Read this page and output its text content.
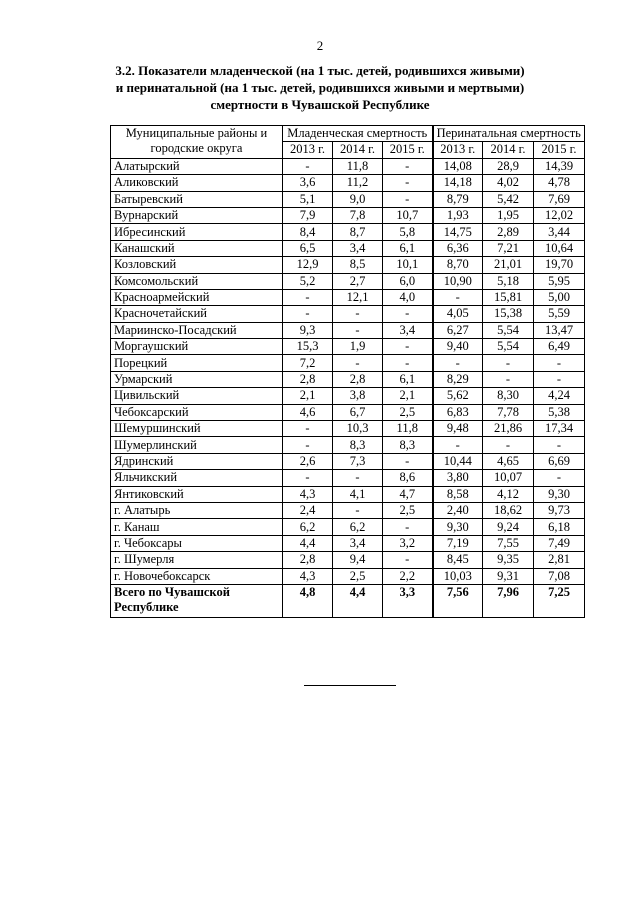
2
3.2. Показатели младенческой (на 1 тыс. детей, родившихся живыми)
и перинатальной (на 1 тыс. детей, родившихся живыми и мертвыми)
смертности в Чувашской Республике
Муниципальные районы и городские округа	Младенческая смертность			Перинатальная смертность		
	2013 г.	2014 г.	2015 г.	2013 г.	2014 г.	2015 г.
Алатырский	-	11,8	-	14,08	28,9	14,39
Аликовский	3,6	11,2	-	14,18	4,02	4,78
Батыревский	5,1	9,0	-	8,79	5,42	7,69
Вурнарский	7,9	7,8	10,7	1,93	1,95	12,02
Ибресинский	8,4	8,7	5,8	14,75	2,89	3,44
Канашский	6,5	3,4	6,1	6,36	7,21	10,64
Козловский	12,9	8,5	10,1	8,70	21,01	19,70
Комсомольский	5,2	2,7	6,0	10,90	5,18	5,95
Красноармейский	-	12,1	4,0	-	15,81	5,00
Красночетайский	-	-	-	4,05	15,38	5,59
Мариинско-Посадский	9,3	-	3,4	6,27	5,54	13,47
Моргаушский	15,3	1,9	-	9,40	5,54	6,49
Порецкий	7,2	-	-	-	-	-
Урмарский	2,8	2,8	6,1	8,29	-	-
Цивильский	2,1	3,8	2,1	5,62	8,30	4,24
Чебоксарский	4,6	6,7	2,5	6,83	7,78	5,38
Шемуршинский	-	10,3	11,8	9,48	21,86	17,34
Шумерлинский	-	8,3	8,3	-	-	-
Ядринский	2,6	7,3	-	10,44	4,65	6,69
Яльчикский	-	-	8,6	3,80	10,07	-
Янтиковский	4,3	4,1	4,7	8,58	4,12	9,30
г. Алатырь	2,4	-	2,5	2,40	18,62	9,73
г. Канаш	6,2	6,2	-	9,30	9,24	6,18
г. Чебоксары	4,4	3,4	3,2	7,19	7,55	7,49
г. Шумерля	2,8	9,4	-	8,45	9,35	2,81
г. Новочебоксарск	4,3	2,5	2,2	10,03	9,31	7,08
Всего по Чувашской Республике	4,8	4,4	3,3	7,56	7,96	7,25
